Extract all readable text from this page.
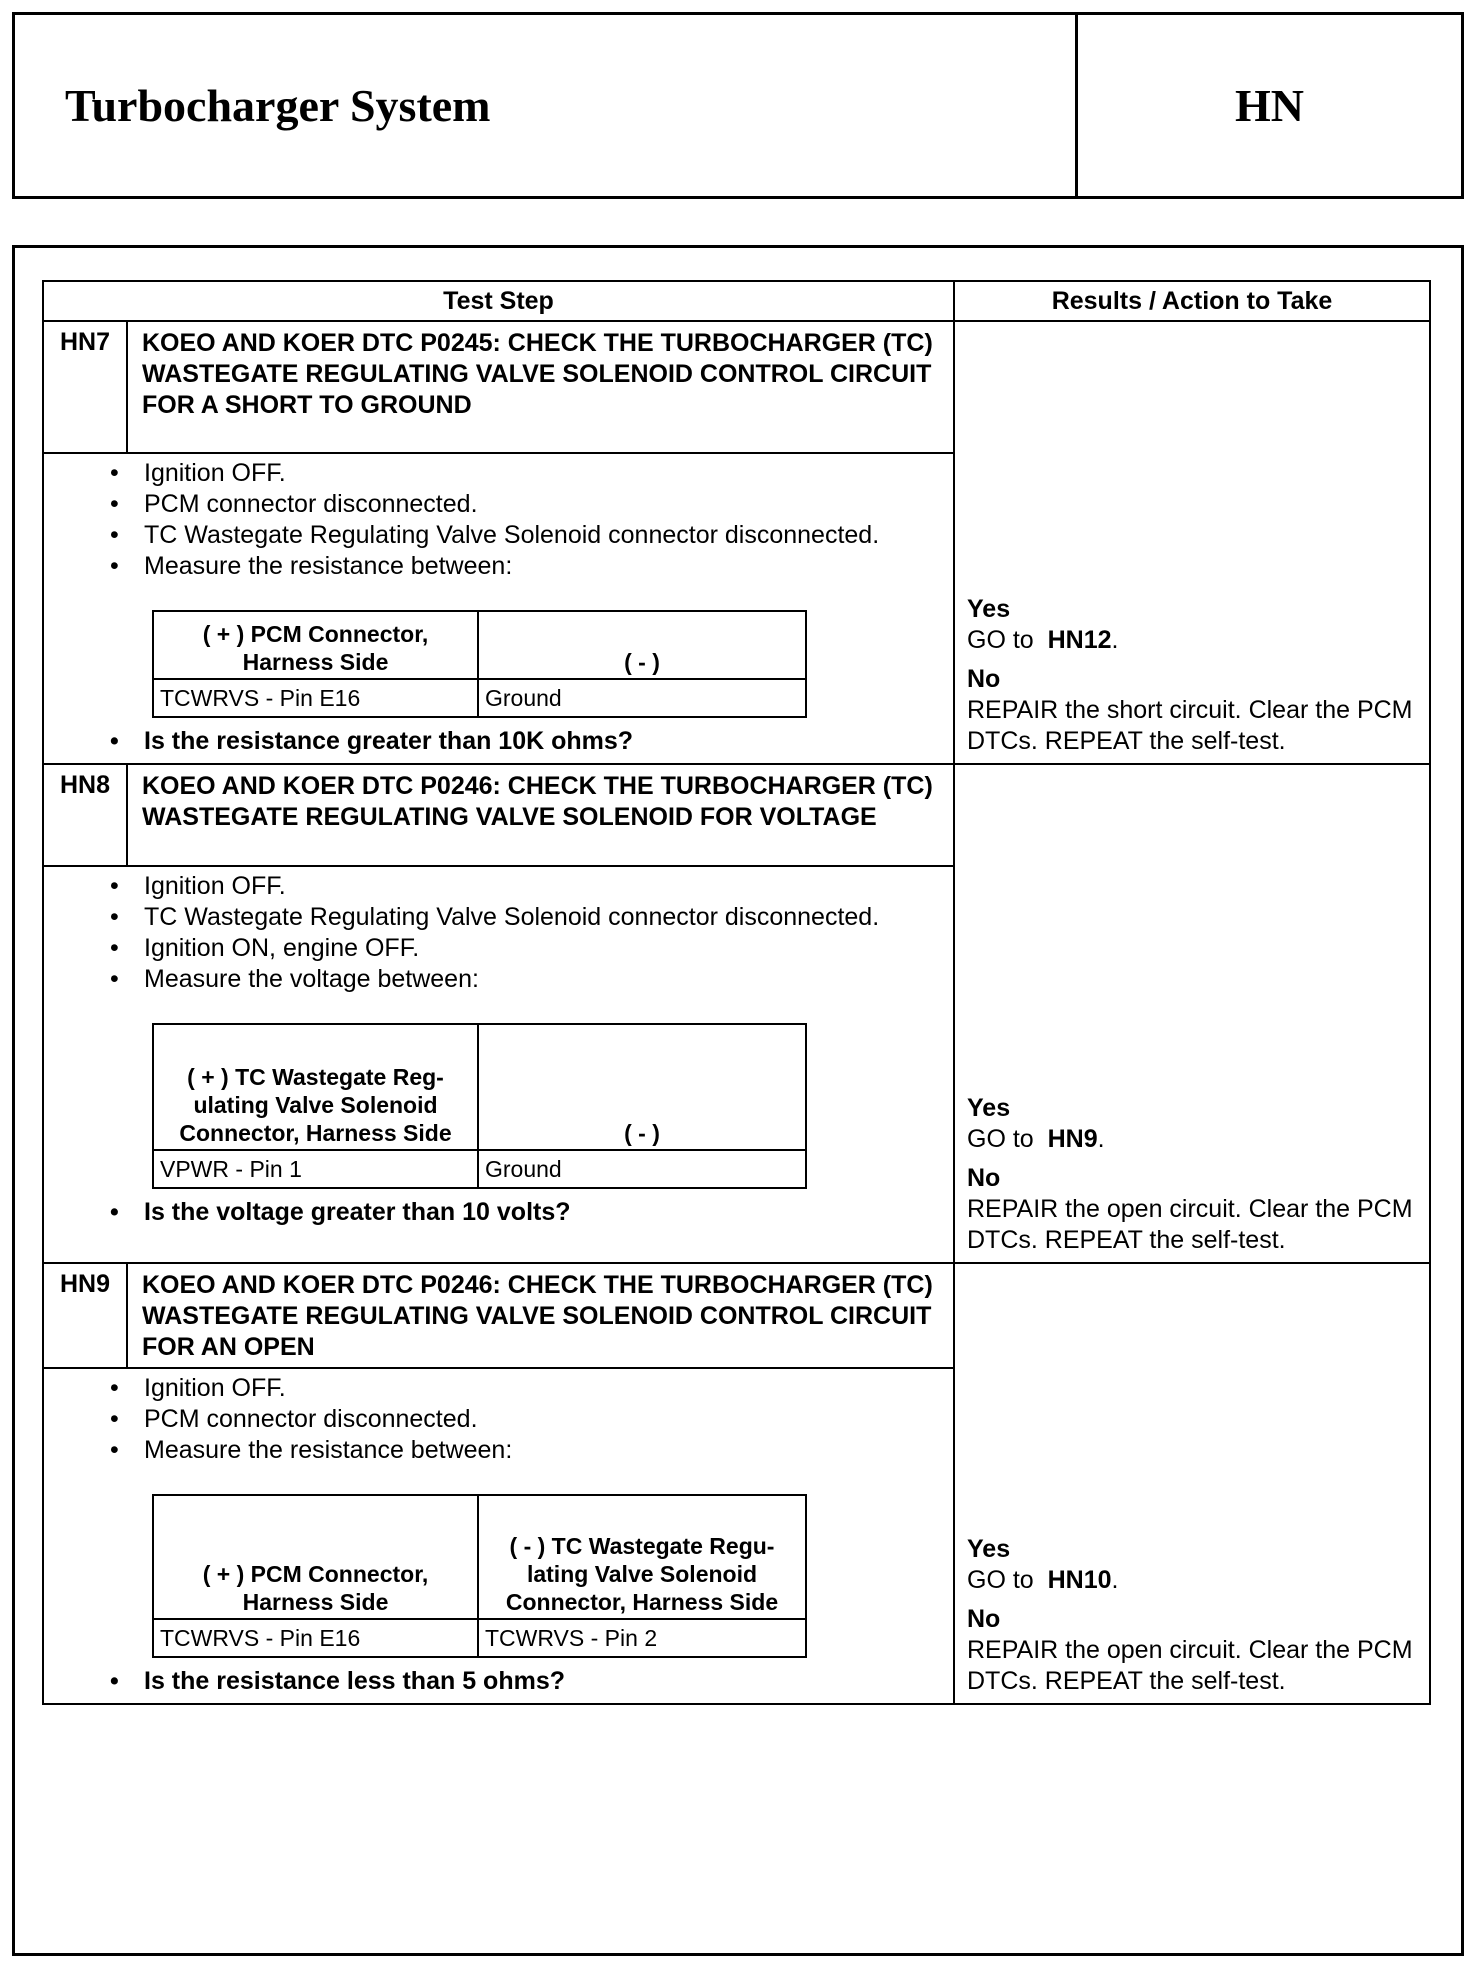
Turbocharger System	HN
Test Step	Results / Action to Take

HN7	KOEO AND KOER DTC P0245: CHECK THE TURBOCHARGER (TC) WASTEGATE REGULATING VALVE SOLENOID CONTROL CIRCUIT FOR A SHORT TO GROUND

• Ignition OFF.
• PCM connector disconnected.
• TC Wastegate Regulating Valve Solenoid connector disconnected.
• Measure the resistance between:
( + ) PCM Connector, Harness Side	( - )
TCWRVS - Pin E16	Ground
• Is the resistance greater than 10K ohms?

Yes
GO to HN12.
No
REPAIR the short circuit. Clear the PCM DTCs. REPEAT the self-test.

HN8	KOEO AND KOER DTC P0246: CHECK THE TURBOCHARGER (TC) WASTEGATE REGULATING VALVE SOLENOID FOR VOLTAGE

• Ignition OFF.
• TC Wastegate Regulating Valve Solenoid connector disconnected.
• Ignition ON, engine OFF.
• Measure the voltage between:
( + ) TC Wastegate Reg- ulating Valve Solenoid Connector, Harness Side	( - )
VPWR - Pin 1	Ground
• Is the voltage greater than 10 volts?

Yes
GO to HN9.
No
REPAIR the open circuit. Clear the PCM DTCs. REPEAT the self-test.

HN9	KOEO AND KOER DTC P0246: CHECK THE TURBOCHARGER (TC) WASTEGATE REGULATING VALVE SOLENOID CONTROL CIRCUIT FOR AN OPEN

• Ignition OFF.
• PCM connector disconnected.
• Measure the resistance between:
( + ) PCM Connector, Harness Side	( - ) TC Wastegate Regu- lating Valve Solenoid Connector, Harness Side
TCWRVS - Pin E16	TCWRVS - Pin 2
• Is the resistance less than 5 ohms?

Yes
GO to HN10.
No
REPAIR the open circuit. Clear the PCM DTCs. REPEAT the self-test.
